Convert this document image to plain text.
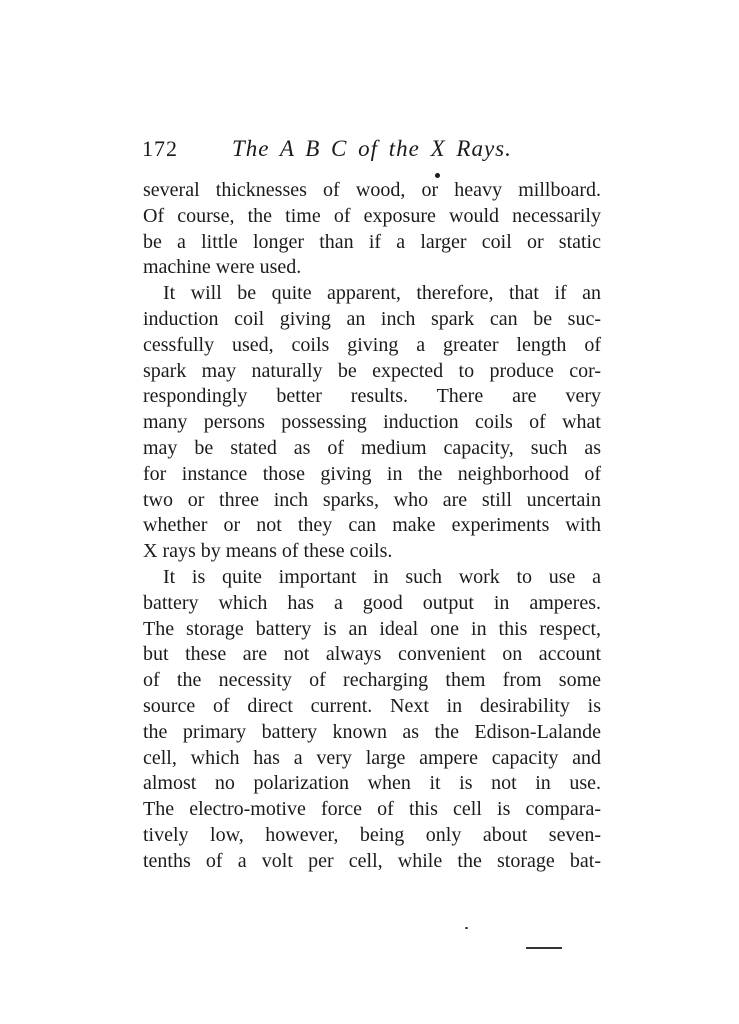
172 The A B C of the X Rays.
several thicknesses of wood, or heavy millboard.
Of course, the time of exposure would necessarily
be a little longer than if a larger coil or static
machine were used.
It will be quite apparent, therefore, that if an
induction coil giving an inch spark can be suc-
cessfully used, coils giving a greater length of
spark may naturally be expected to produce cor-
respondingly better results. There are very
many persons possessing induction coils of what
may be stated as of medium capacity, such as
for instance those giving in the neighborhood of
two or three inch sparks, who are still uncertain
whether or not they can make experiments with
X rays by means of these coils.
It is quite important in such work to use a
battery which has a good output in amperes.
The storage battery is an ideal one in this respect,
but these are not always convenient on account
of the necessity of recharging them from some
source of direct current. Next in desirability is
the primary battery known as the Edison-Lalande
cell, which has a very large ampere capacity and
almost no polarization when it is not in use.
The electro-motive force of this cell is compara-
tively low, however, being only about seven-
tenths of a volt per cell, while the storage bat-
